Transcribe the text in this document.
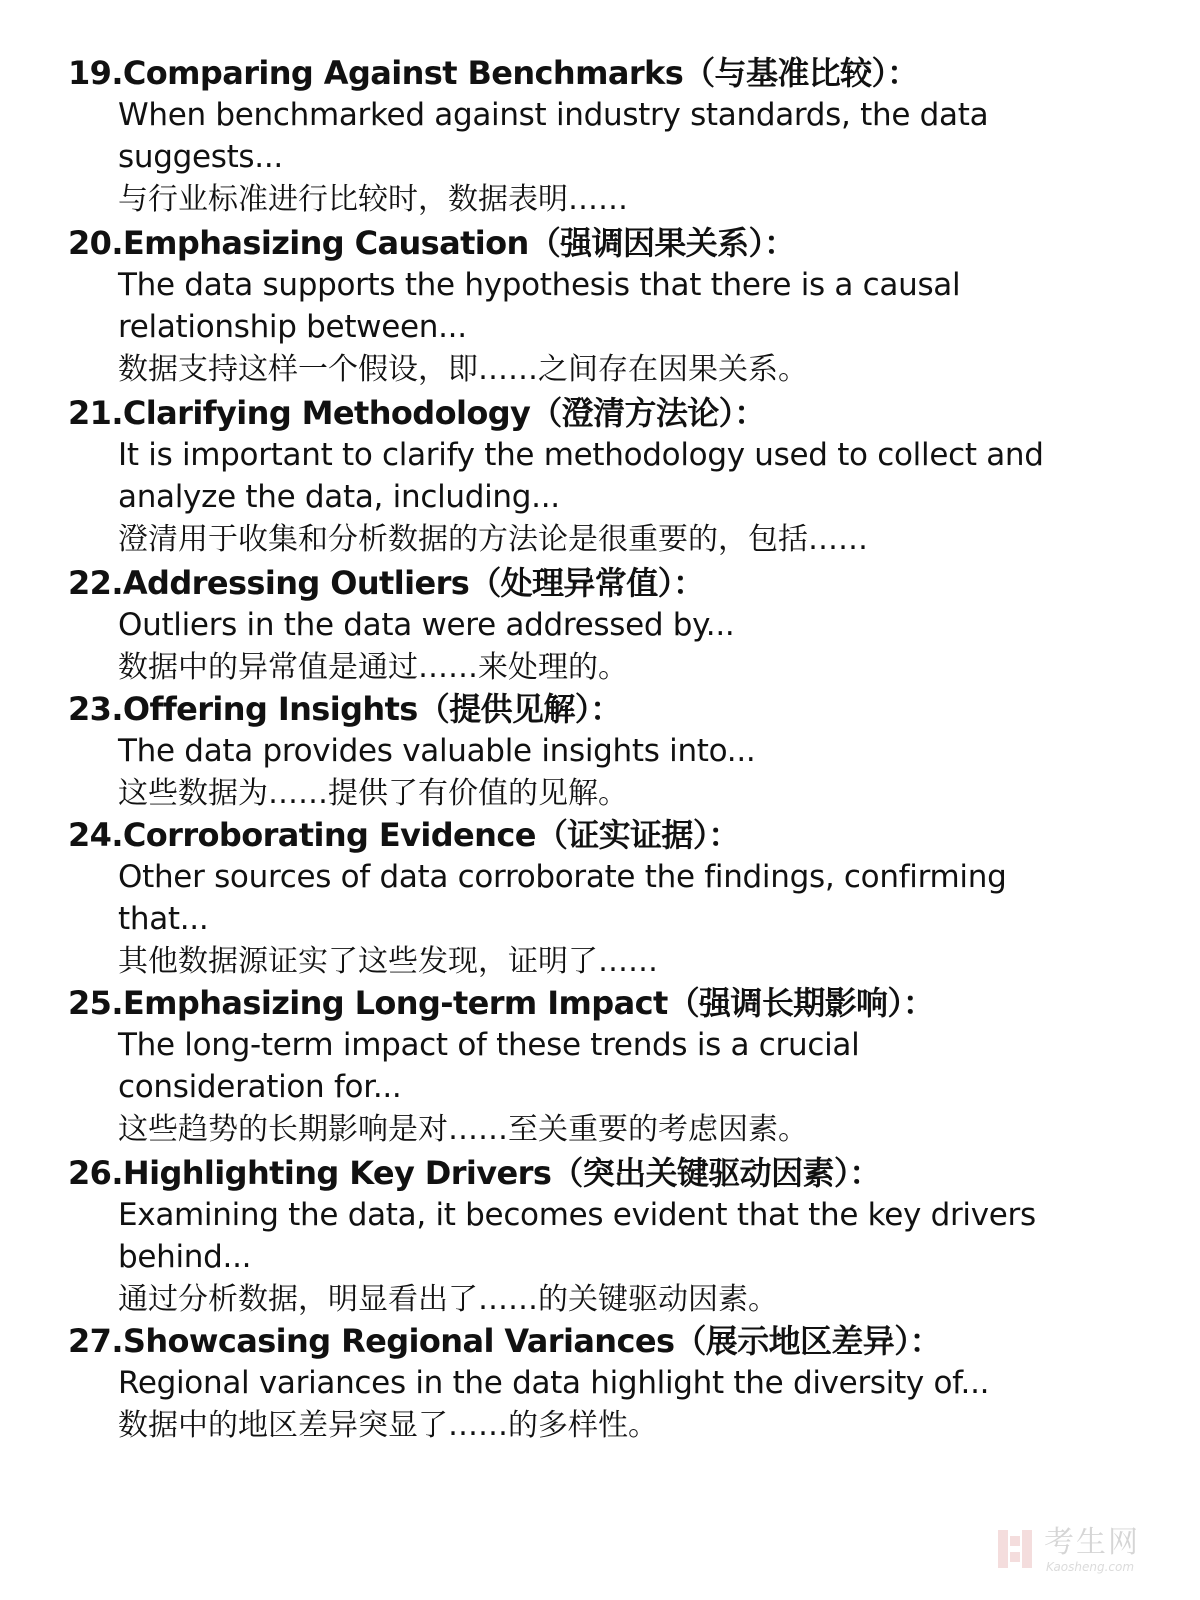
19.Comparing Against Benchmarks（与基准比较）：
When benchmarked against industry standards, the data
suggests...
与行业标准进行比较时，数据表明……
20.Emphasizing Causation（强调因果关系）：
The data supports the hypothesis that there is a causal
relationship between...
数据支持这样一个假设，即……之间存在因果关系。
21.Clarifying Methodology（澄清方法论）：
It is important to clarify the methodology used to collect and
analyze the data, including...
澄清用于收集和分析数据的方法论是很重要的，包括……
22.Addressing Outliers（处理异常值）：
Outliers in the data were addressed by...
数据中的异常值是通过……来处理的。
23.Offering Insights（提供见解）：
The data provides valuable insights into...
这些数据为……提供了有价值的见解。
24.Corroborating Evidence（证实证据）：
Other sources of data corroborate the findings, confirming
that...
其他数据源证实了这些发现，证明了……
25.Emphasizing Long-term Impact（强调长期影响）：
The long-term impact of these trends is a crucial
consideration for...
这些趋势的长期影响是对……至关重要的考虑因素。
26.Highlighting Key Drivers（突出关键驱动因素）：
Examining the data, it becomes evident that the key drivers
behind...
通过分析数据，明显看出了……的关键驱动因素。
27.Showcasing Regional Variances（展示地区差异）：
Regional variances in the data highlight the diversity of...
数据中的地区差异突显了……的多样性。
考生网
Kaosheng.com
